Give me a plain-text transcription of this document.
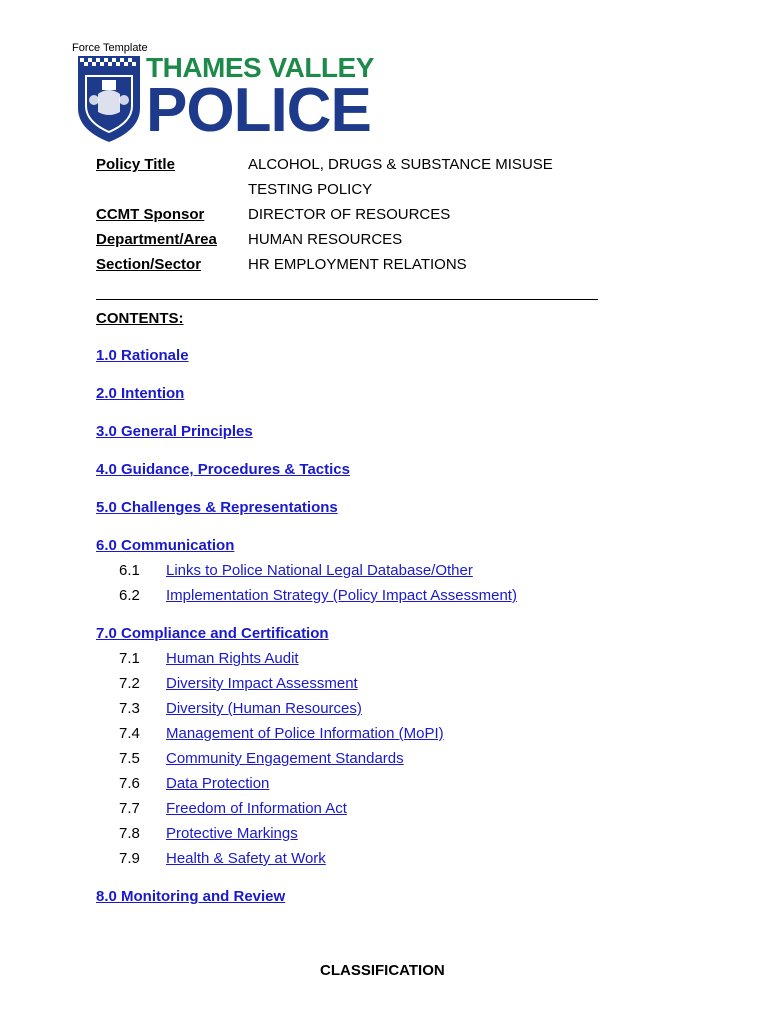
Force Template
THAMES VALLEY
POLICE
Policy Title	ALCOHOL, DRUGS & SUBSTANCE MISUSE
TESTING POLICY
CCMT Sponsor	DIRECTOR OF RESOURCES
Department/Area HUMAN RESOURCES
Section/Sector	HR EMPLOYMENT RELATIONS
CONTENTS:
1.0 Rationale
2.0 Intention
3.0 General Principles
4.0 Guidance, Procedures & Tactics
5.0 Challenges & Representations
6.0 Communication
6.1 Links to Police National Legal Database/Other
6.2 Implementation Strategy (Policy Impact Assessment)
7.0 Compliance and Certification
7.1 Human Rights Audit
7.2 Diversity Impact Assessment
7.3 Diversity (Human Resources)
7.4 Management of Police Information (MoPI)
7.5 Community Engagement Standards
7.6 Data Protection
7.7 Freedom of Information Act
7.8 Protective Markings
7.9 Health & Safety at Work
8.0 Monitoring and Review
CLASSIFICATION
